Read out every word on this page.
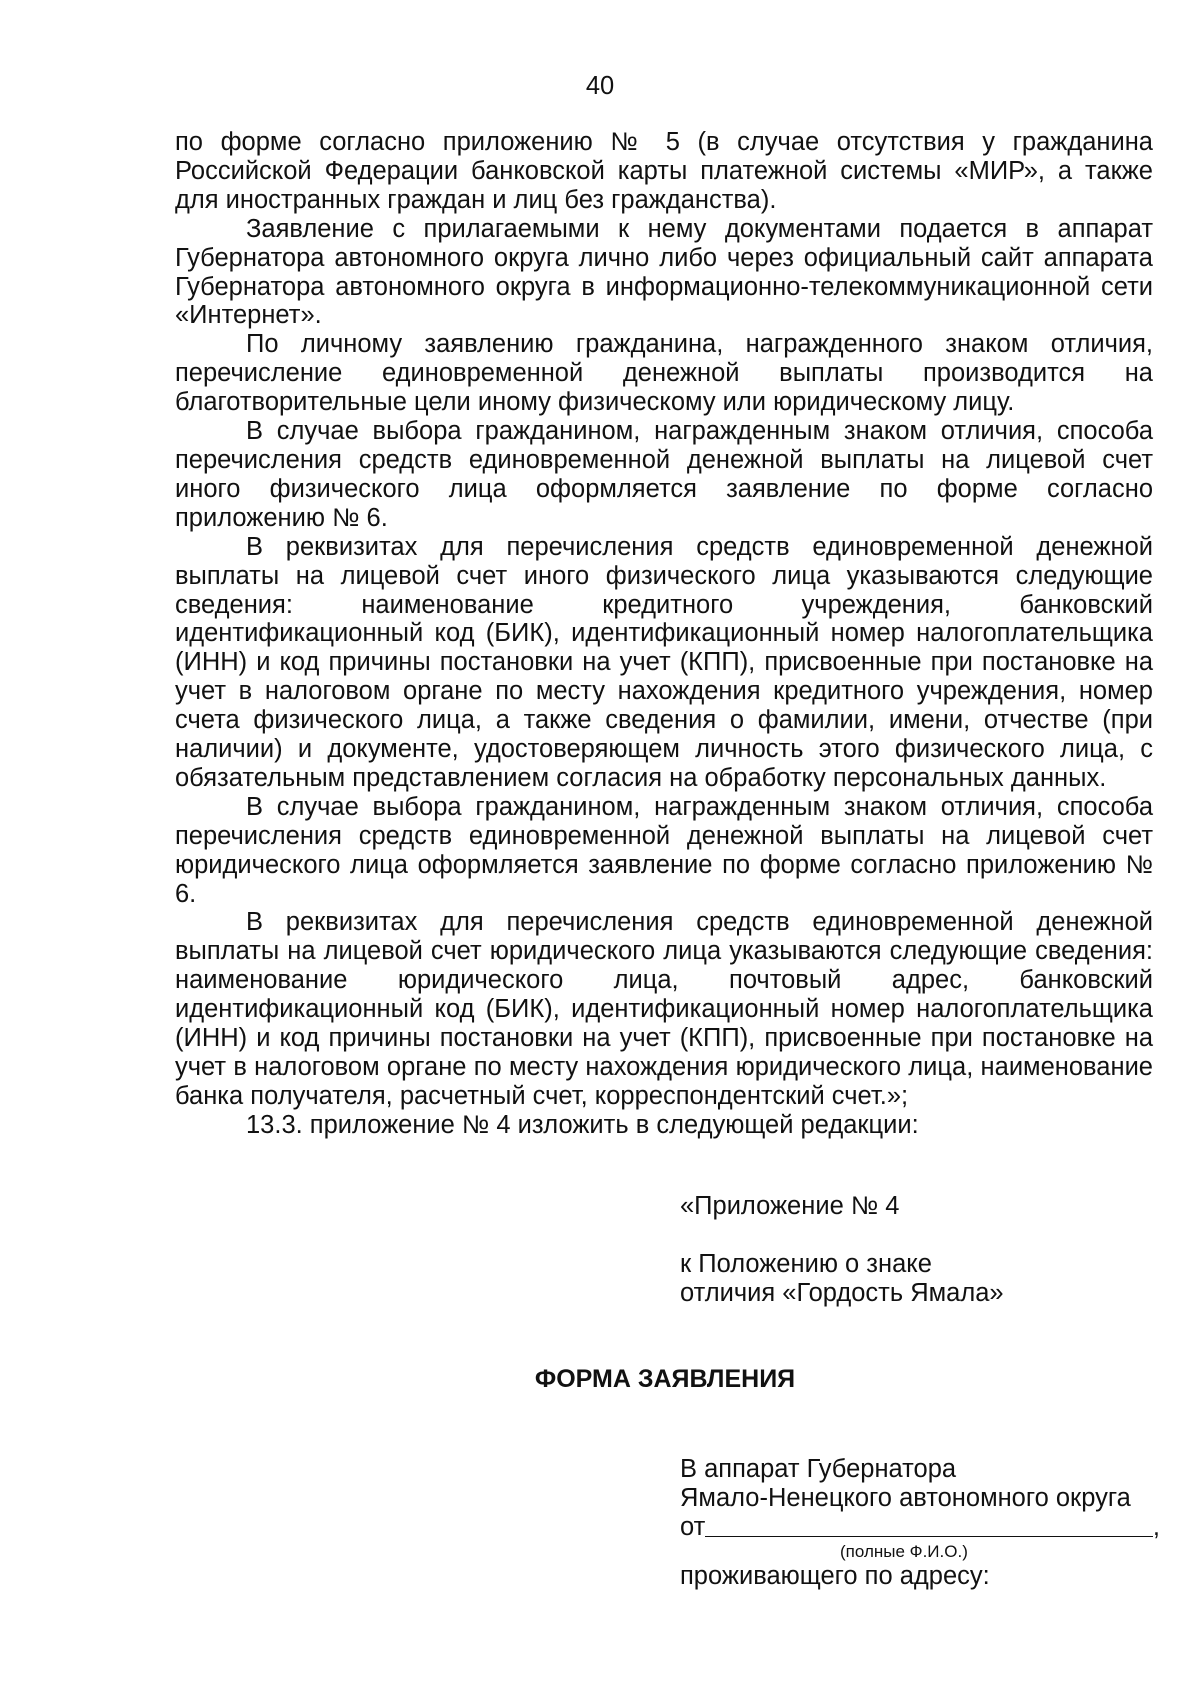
40

по форме согласно приложению № 5 (в случае отсутствия у гражданина Российской Федерации банковской карты платежной системы «МИР», а также для иностранных граждан и лиц без гражданства).

Заявление с прилагаемыми к нему документами подается в аппарат Губернатора автономного округа лично либо через официальный сайт аппарата Губернатора автономного округа в информационно-телекоммуникационной сети «Интернет».

По личному заявлению гражданина, награжденного знаком отличия, перечисление единовременной денежной выплаты производится на благотворительные цели иному физическому или юридическому лицу.

В случае выбора гражданином, награжденным знаком отличия, способа перечисления средств единовременной денежной выплаты на лицевой счет иного физического лица оформляется заявление по форме согласно приложению № 6.

В реквизитах для перечисления средств единовременной денежной выплаты на лицевой счет иного физического лица указываются следующие сведения: наименование кредитного учреждения, банковский идентификационный код (БИК), идентификационный номер налогоплательщика (ИНН) и код причины постановки на учет (КПП), присвоенные при постановке на учет в налоговом органе по месту нахождения кредитного учреждения, номер счета физического лица, а также сведения о фамилии, имени, отчестве (при наличии) и документе, удостоверяющем личность этого физического лица, с обязательным представлением согласия на обработку персональных данных.

В случае выбора гражданином, награжденным знаком отличия, способа перечисления средств единовременной денежной выплаты на лицевой счет юридического лица оформляется заявление по форме согласно приложению № 6.

В реквизитах для перечисления средств единовременной денежной выплаты на лицевой счет юридического лица указываются следующие сведения: наименование юридического лица, почтовый адрес, банковский идентификационный код (БИК), идентификационный номер налогоплательщика (ИНН) и код причины постановки на учет (КПП), присвоенные при постановке на учет в налоговом органе по месту нахождения юридического лица, наименование банка получателя, расчетный счет, корреспондентский счет.»;

13.3. приложение № 4 изложить в следующей редакции:

«Приложение № 4

к Положению о знаке

отличия «Гордость Ямала»

ФОРМА ЗАЯВЛЕНИЯ

В аппарат Губернатора

Ямало-Ненецкого автономного округа

от	,

(полные Ф.И.О.)

проживающего по адресу:
